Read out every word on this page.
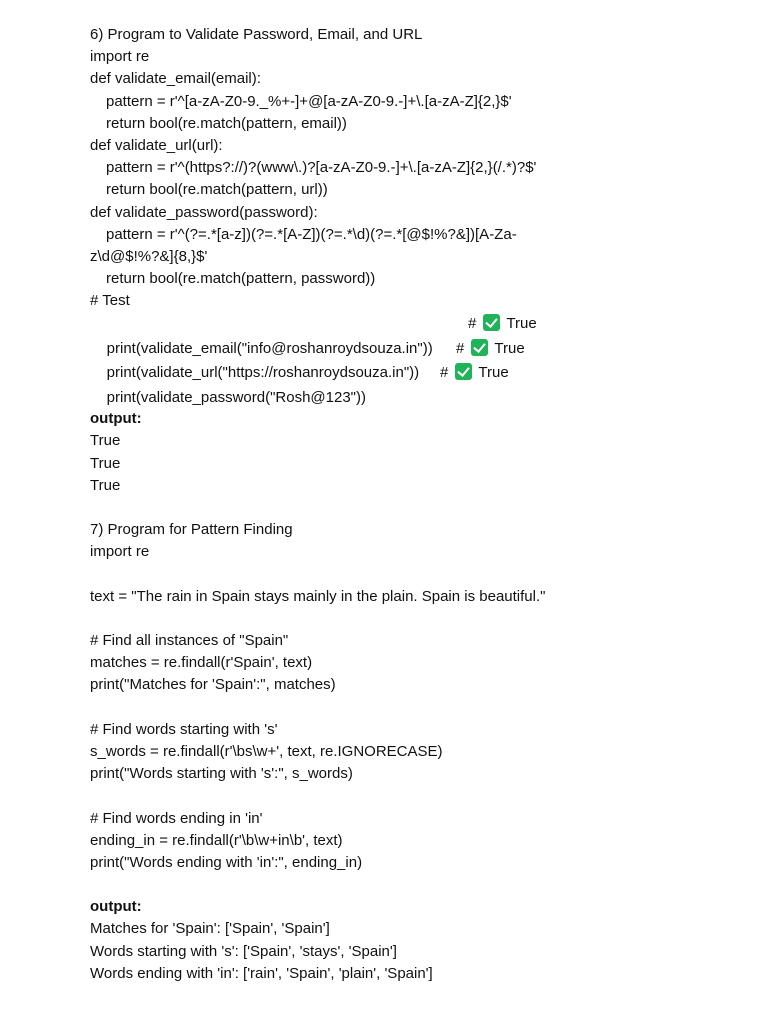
6) Program to Validate Password, Email, and URL
import re
def validate_email(email):
pattern = r'^[a-zA-Z0-9._%+-]+@[a-zA-Z0-9.-]+\.[a-zA-Z]{2,}$'
return bool(re.match(pattern, email))
def validate_url(url):
pattern = r'^(https?://)?(www\.)?[a-zA-Z0-9.-]+\.[a-zA-Z]{2,}(/.*)?$'
return bool(re.match(pattern, url))
def validate_password(password):
pattern = r'^(?=.*[a-z])(?=.*[A-Z])(?=.*\d)(?=.*[@$!%?&])[A-Za-
z\d@$!%?&]{8,}$'
return bool(re.match(pattern, password))
# Test

print(validate_email("info@roshanroydsouza.in"))

# True

print(validate_url("https://roshanroydsouza.in"))

# True

print(validate_password("Rosh@123"))

# True

output:
True
True
True
7) Program for Pattern Finding
import re
text = "The rain in Spain stays mainly in the plain. Spain is beautiful."
# Find all instances of "Spain"
matches = re.findall(r'Spain', text)
print("Matches for 'Spain':", matches)
# Find words starting with 's'
s_words = re.findall(r'\bs\w+', text, re.IGNORECASE)
print("Words starting with 's':", s_words)
# Find words ending in 'in'
ending_in = re.findall(r'\b\w+in\b', text)
print("Words ending with 'in':", ending_in)
output:
Matches for 'Spain': ['Spain', 'Spain']
Words starting with 's': ['Spain', 'stays', 'Spain']
Words ending with 'in': ['rain', 'Spain', 'plain', 'Spain']
